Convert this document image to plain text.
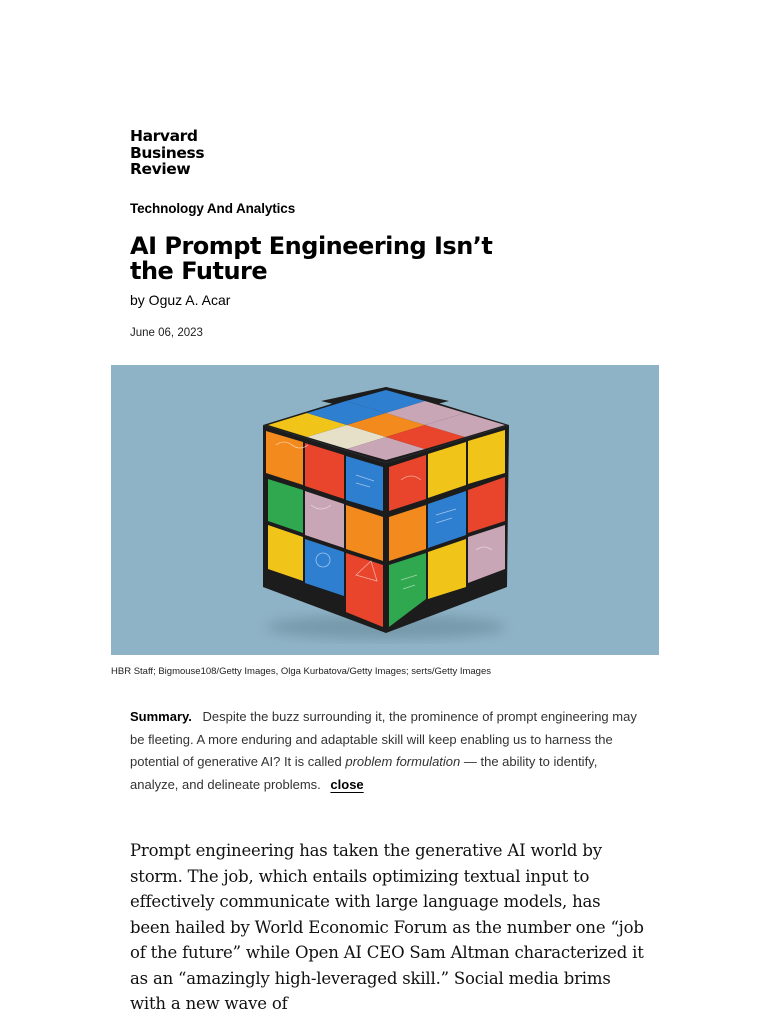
Harvard
Business
Review
Technology And Analytics
AI Prompt Engineering Isn’t the Future
by Oguz A. Acar
June 06, 2023
HBR Staff; Bigmouse108/Getty Images, Olga Kurbatova/Getty Images; serts/Getty Images

Summary. Despite the buzz surrounding it, the prominence of prompt engineering may be fleeting. A more enduring and adaptable skill will keep enabling us to harness the potential of generative AI? It is called problem formulation — the ability to identify, analyze, and delineate problems. close

Prompt engineering has taken the generative AI world by storm. The job, which entails optimizing textual input to effectively communicate with large language models, has been hailed by World Economic Forum as the number one “job of the future” while Open AI CEO Sam Altman characterized it as an “amazingly high-leveraged skill.” Social media brims with a new wave of
